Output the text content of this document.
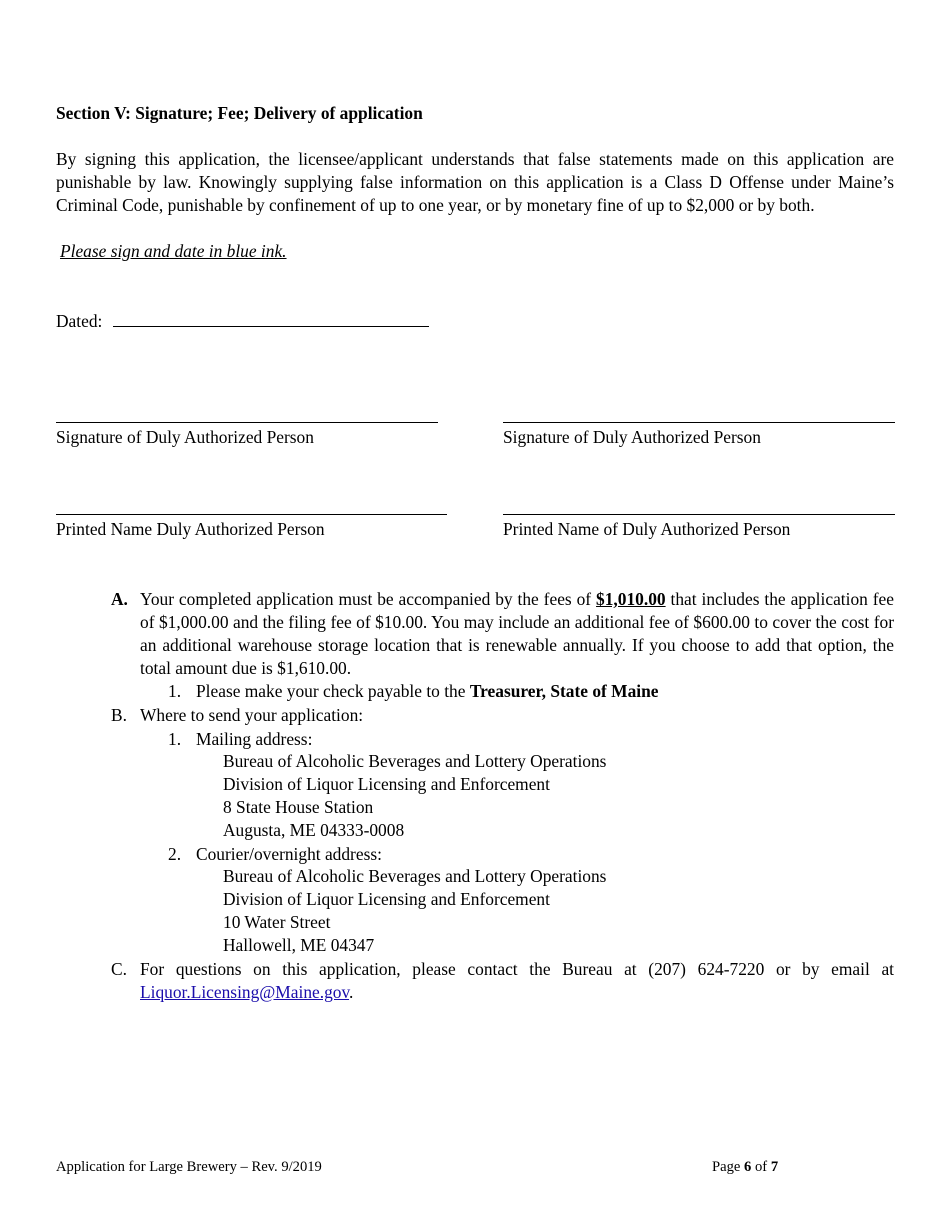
Section V: Signature; Fee; Delivery of application
By signing this application, the licensee/applicant understands that false statements made on this application are punishable by law. Knowingly supplying false information on this application is a Class D Offense under Maine’s Criminal Code, punishable by confinement of up to one year, or by monetary fine of up to $2,000 or by both.
Please sign and date in blue ink.
Dated:
Signature of Duly Authorized Person	Signature of Duly Authorized Person
Printed Name Duly Authorized Person	Printed Name of Duly Authorized Person
A. Your completed application must be accompanied by the fees of $1,010.00 that includes the application fee of $1,000.00 and the filing fee of $10.00. You may include an additional fee of $600.00 to cover the cost for an additional warehouse storage location that is renewable annually. If you choose to add that option, the total amount due is $1,610.00.
1. Please make your check payable to the Treasurer, State of Maine
B. Where to send your application:
1. Mailing address:
Bureau of Alcoholic Beverages and Lottery Operations
Division of Liquor Licensing and Enforcement
8 State House Station
Augusta, ME 04333-0008
2. Courier/overnight address:
Bureau of Alcoholic Beverages and Lottery Operations
Division of Liquor Licensing and Enforcement
10 Water Street
Hallowell, ME 04347
C. For questions on this application, please contact the Bureau at (207) 624-7220 or by email at Liquor.Licensing@Maine.gov.
Application for Large Brewery – Rev. 9/2019	Page 6 of 7
